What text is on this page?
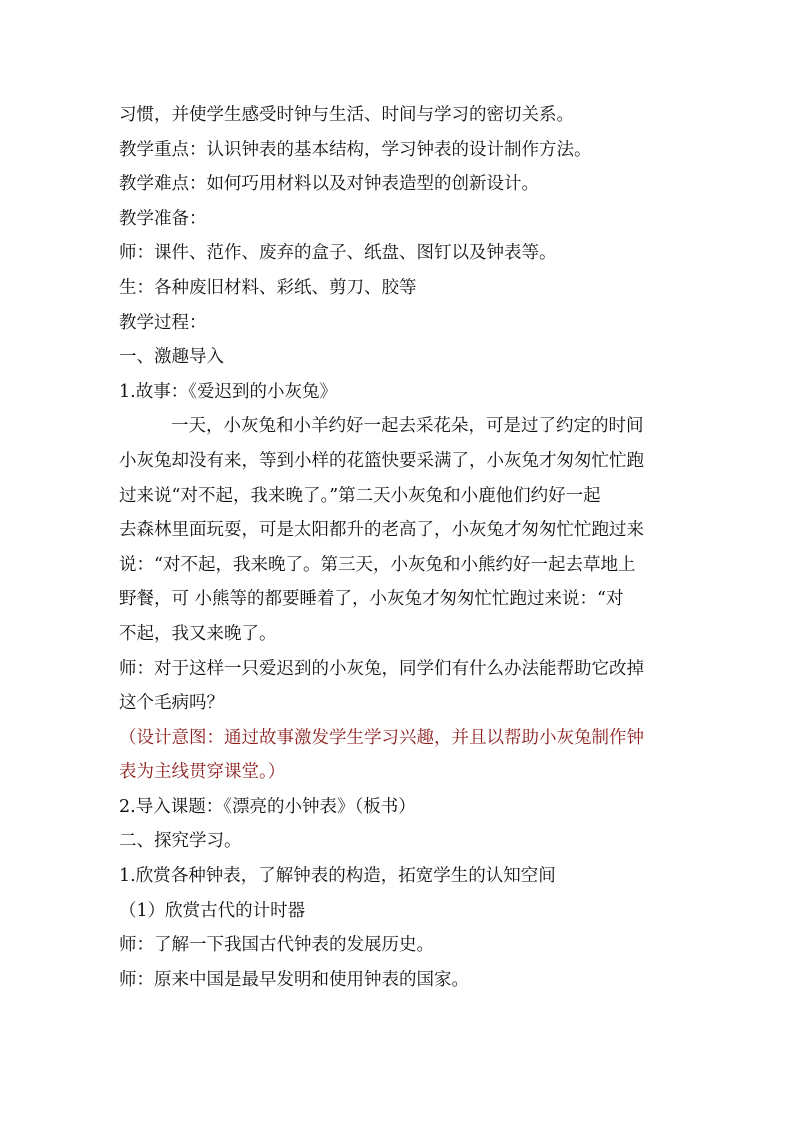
习惯，并使学生感受时钟与生活、时间与学习的密切关系。
教学重点：认识钟表的基本结构，学习钟表的设计制作方法。
教学难点：如何巧用材料以及对钟表造型的创新设计。
教学准备：
师：课件、范作、废弃的盒子、纸盘、图钉以及钟表等。
生：各种废旧材料、彩纸、剪刀、胶等
教学过程：
一、激趣导入
1.故事：《爱迟到的小灰兔》
一天，小灰兔和小羊约好一起去采花朵，可是过了约定的时间
小灰兔却没有来，等到小样的花篮快要采满了，小灰兔才匆匆忙忙跑
过来说“对不起，我来晚了。”第二天小灰兔和小鹿他们约好一起
去森林里面玩耍，可是太阳都升的老高了，小灰兔才匆匆忙忙跑过来
说：“对不起，我来晚了。第三天，小灰兔和小熊约好一起去草地上
野餐，可 小熊等的都要睡着了，小灰兔才匆匆忙忙跑过来说：“对
不起，我又来晚了。
师：对于这样一只爱迟到的小灰兔，同学们有什么办法能帮助它改掉
这个毛病吗？
（设计意图：通过故事激发学生学习兴趣，并且以帮助小灰兔制作钟
表为主线贯穿课堂。）
2.导入课题：《漂亮的小钟表》（板书）
二、探究学习。
1.欣赏各种钟表，了解钟表的构造，拓宽学生的认知空间
（1）欣赏古代的计时器
师：了解一下我国古代钟表的发展历史。
师：原来中国是最早发明和使用钟表的国家。
